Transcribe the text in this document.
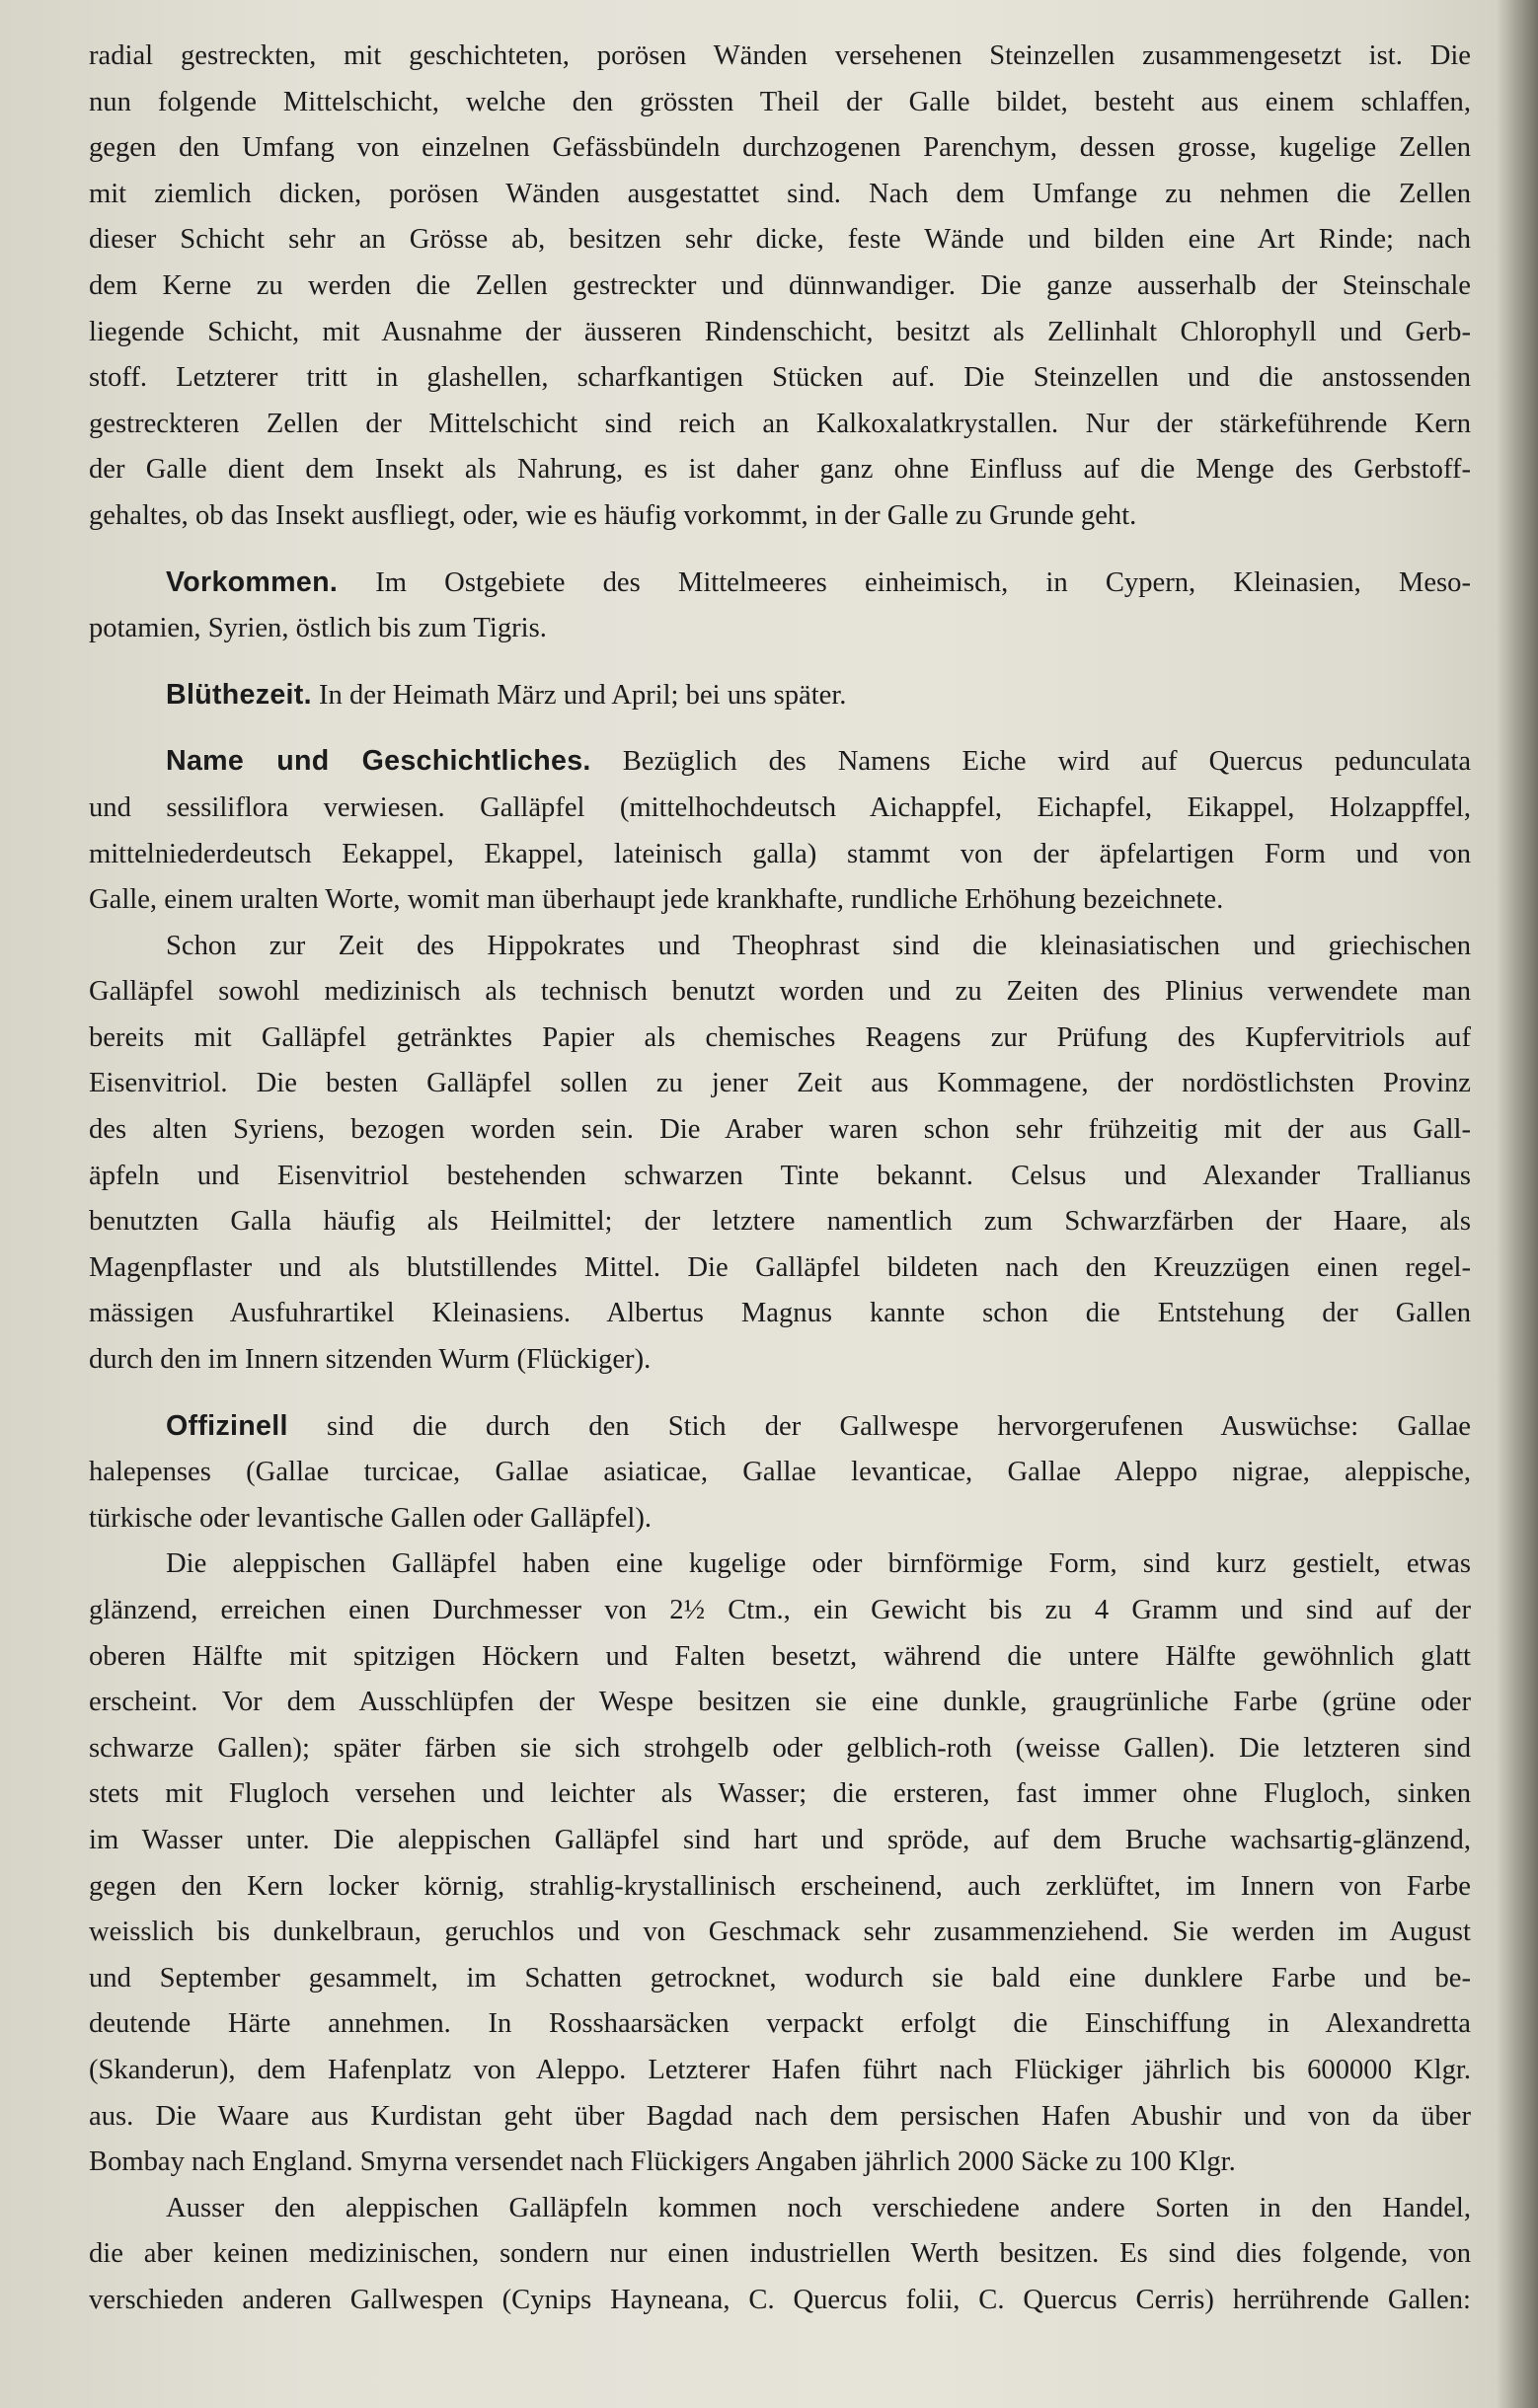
radial gestreckten, mit geschichteten, porösen Wänden versehenen Steinzellen zusammengesetzt ist. Die
nun folgende Mittelschicht, welche den grössten Theil der Galle bildet, besteht aus einem schlaffen,
gegen den Umfang von einzelnen Gefässbündeln durchzogenen Parenchym, dessen grosse, kugelige Zellen
mit ziemlich dicken, porösen Wänden ausgestattet sind. Nach dem Umfange zu nehmen die Zellen
dieser Schicht sehr an Grösse ab, besitzen sehr dicke, feste Wände und bilden eine Art Rinde; nach
dem Kerne zu werden die Zellen gestreckter und dünnwandiger. Die ganze ausserhalb der Steinschale
liegende Schicht, mit Ausnahme der äusseren Rindenschicht, besitzt als Zellinhalt Chlorophyll und Gerb-
stoff. Letzterer tritt in glashellen, scharfkantigen Stücken auf. Die Steinzellen und die anstossenden
gestreckteren Zellen der Mittelschicht sind reich an Kalkoxalatkrystallen. Nur der stärkeführende Kern
der Galle dient dem Insekt als Nahrung, es ist daher ganz ohne Einfluss auf die Menge des Gerbstoff-
gehaltes, ob das Insekt ausfliegt, oder, wie es häufig vorkommt, in der Galle zu Grunde geht.
Vorkommen. Im Ostgebiete des Mittelmeeres einheimisch, in Cypern, Kleinasien, Meso-
potamien, Syrien, östlich bis zum Tigris.
Blüthezeit. In der Heimath März und April; bei uns später.
Name und Geschichtliches. Bezüglich des Namens Eiche wird auf Quercus pedunculata
und sessiliflora verwiesen. Galläpfel (mittelhochdeutsch Aichappfel, Eichapfel, Eikappel, Holzappffel,
mittelniederdeutsch Eekappel, Ekappel, lateinisch galla) stammt von der äpfelartigen Form und von
Galle, einem uralten Worte, womit man überhaupt jede krankhafte, rundliche Erhöhung bezeichnete.
Schon zur Zeit des Hippokrates und Theophrast sind die kleinasiatischen und griechischen
Galläpfel sowohl medizinisch als technisch benutzt worden und zu Zeiten des Plinius verwendete man
bereits mit Galläpfel getränktes Papier als chemisches Reagens zur Prüfung des Kupfervitriols auf
Eisenvitriol. Die besten Galläpfel sollen zu jener Zeit aus Kommagene, der nordöstlichsten Provinz
des alten Syriens, bezogen worden sein. Die Araber waren schon sehr frühzeitig mit der aus Gall-
äpfeln und Eisenvitriol bestehenden schwarzen Tinte bekannt. Celsus und Alexander Trallianus
benutzten Galla häufig als Heilmittel; der letztere namentlich zum Schwarzfärben der Haare, als
Magenpflaster und als blutstillendes Mittel. Die Galläpfel bildeten nach den Kreuzzügen einen regel-
mässigen Ausfuhrartikel Kleinasiens. Albertus Magnus kannte schon die Entstehung der Gallen
durch den im Innern sitzenden Wurm (Flückiger).
Offizinell sind die durch den Stich der Gallwespe hervorgerufenen Auswüchse: Gallae
halepenses (Gallae turcicae, Gallae asiaticae, Gallae levanticae, Gallae Aleppo nigrae, aleppische,
türkische oder levantische Gallen oder Galläpfel).
Die aleppischen Galläpfel haben eine kugelige oder birnförmige Form, sind kurz gestielt, etwas
glänzend, erreichen einen Durchmesser von 2½ Ctm., ein Gewicht bis zu 4 Gramm und sind auf der
oberen Hälfte mit spitzigen Höckern und Falten besetzt, während die untere Hälfte gewöhnlich glatt
erscheint. Vor dem Ausschlüpfen der Wespe besitzen sie eine dunkle, graugrünliche Farbe (grüne oder
schwarze Gallen); später färben sie sich strohgelb oder gelblich-roth (weisse Gallen). Die letzteren sind
stets mit Flugloch versehen und leichter als Wasser; die ersteren, fast immer ohne Flugloch, sinken
im Wasser unter. Die aleppischen Galläpfel sind hart und spröde, auf dem Bruche wachsartig-glänzend,
gegen den Kern locker körnig, strahlig-krystallinisch erscheinend, auch zerklüftet, im Innern von Farbe
weisslich bis dunkelbraun, geruchlos und von Geschmack sehr zusammenziehend. Sie werden im August
und September gesammelt, im Schatten getrocknet, wodurch sie bald eine dunklere Farbe und be-
deutende Härte annehmen. In Rosshaarsäcken verpackt erfolgt die Einschiffung in Alexandretta
(Skanderun), dem Hafenplatz von Aleppo. Letzterer Hafen führt nach Flückiger jährlich bis 600000 Klgr.
aus. Die Waare aus Kurdistan geht über Bagdad nach dem persischen Hafen Abushir und von da über
Bombay nach England. Smyrna versendet nach Flückigers Angaben jährlich 2000 Säcke zu 100 Klgr.
Ausser den aleppischen Galläpfeln kommen noch verschiedene andere Sorten in den Handel,
die aber keinen medizinischen, sondern nur einen industriellen Werth besitzen. Es sind dies folgende, von
verschieden anderen Gallwespen (Cynips Hayneana, C. Quercus folii, C. Quercus Cerris) herrührende Gallen:
